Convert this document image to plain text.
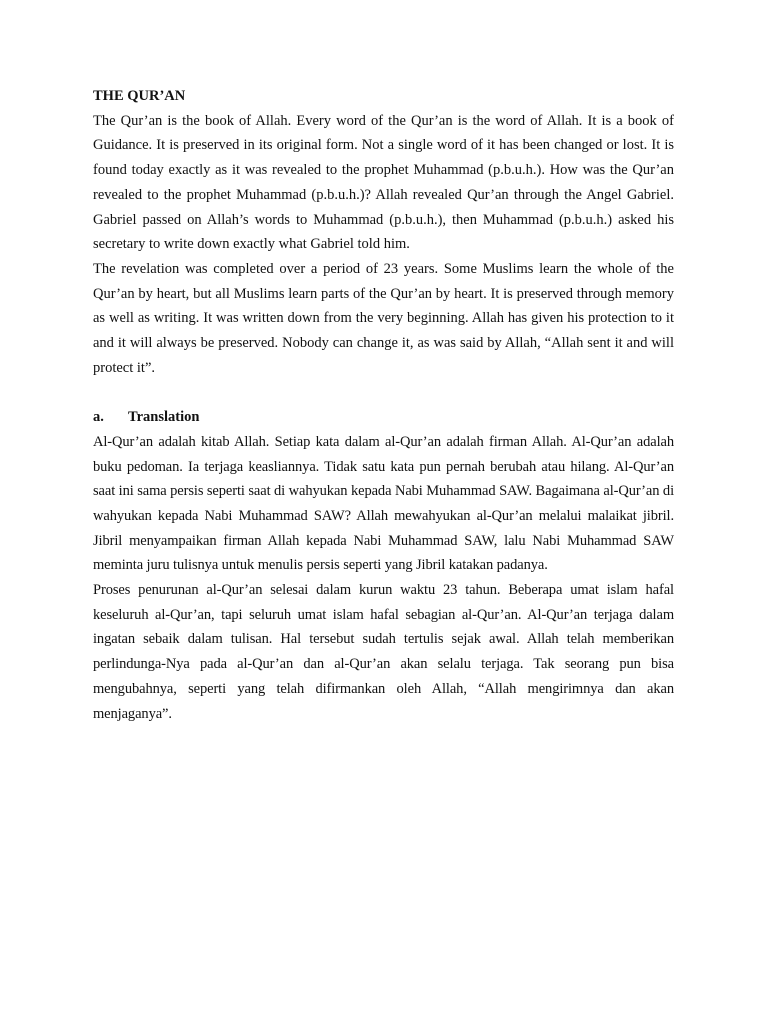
THE QUR’AN

The Qur’an is the book of Allah. Every word of the Qur’an is the word of Allah. It is a book of Guidance. It is preserved in its original form. Not a single word of it has been changed or lost. It is found today exactly as it was revealed to the prophet Muhammad (p.b.u.h.). How was the Qur’an revealed to the prophet Muhammad (p.b.u.h.)? Allah revealed Qur’an through the Angel Gabriel. Gabriel passed on Allah’s words to Muhammad (p.b.u.h.), then Muhammad (p.b.u.h.) asked his secretary to write down exactly what Gabriel told him.

The revelation was completed over a period of 23 years. Some Muslims learn the whole of the Qur’an by heart, but all Muslims learn parts of the Qur’an by heart. It is preserved through memory as well as writing. It was written down from the very beginning. Allah has given his protection to it and it will always be preserved. Nobody can change it, as was said by Allah, “Allah sent it and will protect it”.

a.	Translation

Al-Qur’an adalah kitab Allah. Setiap kata dalam al-Qur’an adalah firman Allah. Al-Qur’an adalah buku pedoman. Ia terjaga keasliannya. Tidak satu kata pun pernah berubah atau hilang. Al-Qur’an saat ini sama persis seperti saat di wahyukan kepada Nabi Muhammad SAW. Bagaimana al-Qur’an di wahyukan kepada Nabi Muhammad SAW? Allah mewahyukan al-Qur’an melalui malaikat jibril. Jibril menyampaikan firman Allah kepada Nabi Muhammad SAW, lalu Nabi Muhammad SAW meminta juru tulisnya untuk menulis persis seperti yang Jibril katakan padanya.

Proses penurunan al-Qur’an selesai dalam kurun waktu 23 tahun. Beberapa umat islam hafal keseluruh al-Qur’an, tapi seluruh umat islam hafal sebagian al-Qur’an. Al-Qur’an terjaga dalam ingatan sebaik dalam tulisan. Hal tersebut sudah tertulis sejak awal. Allah telah memberikan perlindunga-Nya pada al-Qur’an dan al-Qur’an akan selalu terjaga. Tak seorang pun bisa mengubahnya, seperti yang telah difirmankan oleh Allah, “Allah mengirimnya dan akan menjaganya”.
